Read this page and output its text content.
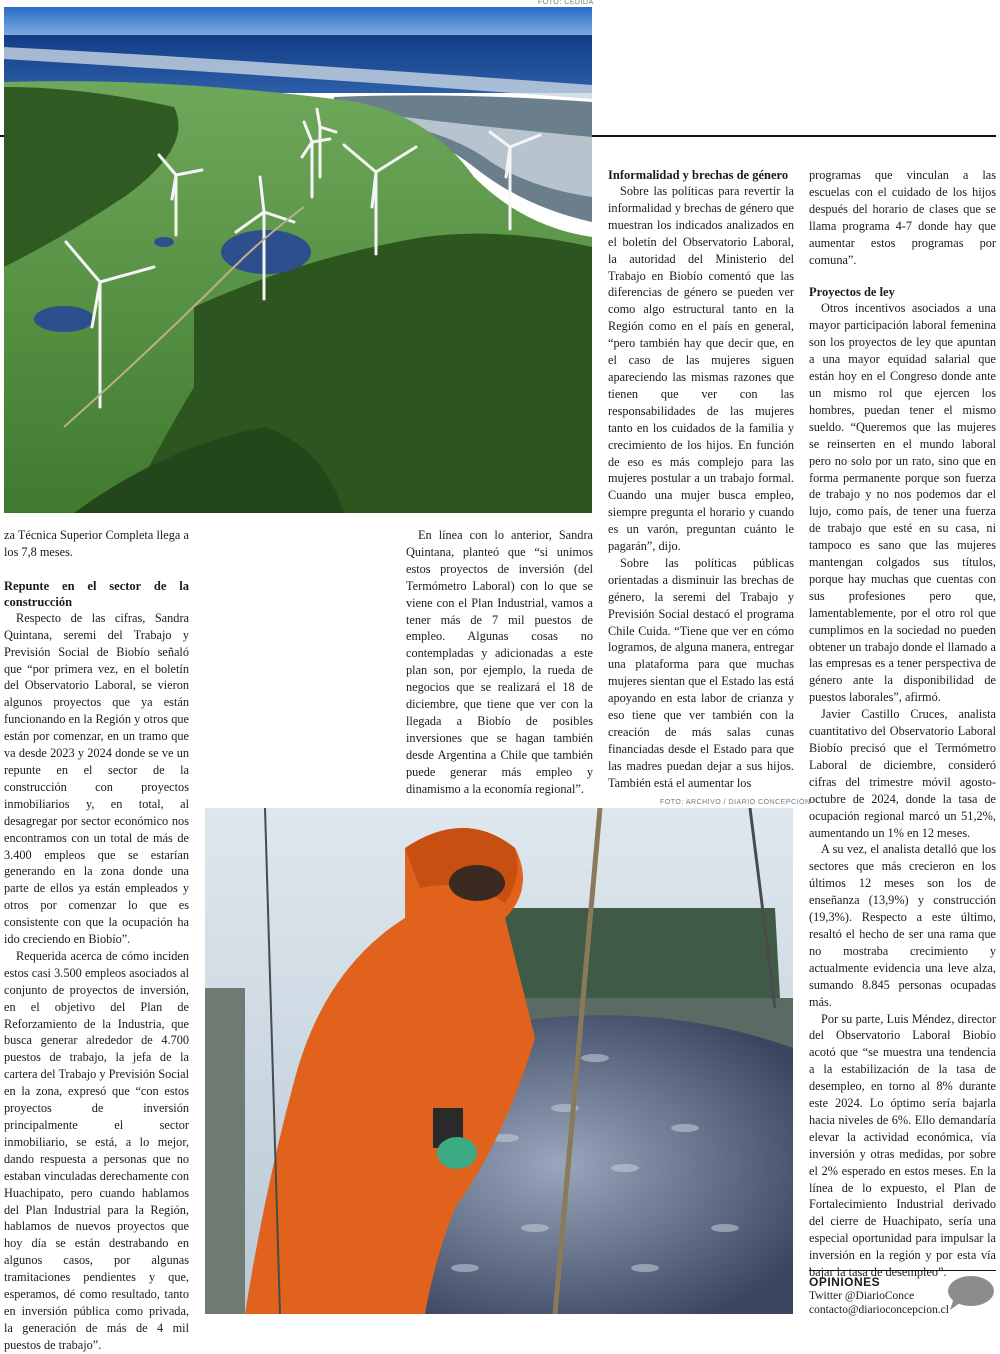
FOTO: CEDIDA

za Técnica Superior Completa llega a los 7,8 meses.

Repunte en el sector de la construcción

Respecto de las cifras, Sandra Quintana, seremi del Trabajo y Previsión Social de Biobío señaló que “por primera vez, en el boletín del Observatorio Laboral, se vieron algunos proyectos que ya están funcionando en la Región y otros que están por comenzar, en un tramo que va desde 2023 y 2024 donde se ve un repunte en el sector de la construcción con proyectos inmobiliarios y, en total, al desagregar por sector económico nos encontramos con un total de más de 3.400 empleos que se estarían generando en la zona donde una parte de ellos ya están empleados y otros por comenzar lo que es consistente con que la ocupación ha ido creciendo en Biobío”.

Requerida acerca de cómo inciden estos casi 3.500 empleos asociados al conjunto de proyectos de inversión, en el objetivo del Plan de Reforzamiento de la Industria, que busca generar alrededor de 4.700 puestos de trabajo, la jefa de la cartera del Trabajo y Previsión Social en la zona, expresó que “con estos proyectos de inversión principalmente el sector inmobiliario, se está, a lo mejor, dando respuesta a personas que no estaban vinculadas derechamente con Huachipato, pero cuando hablamos del Plan Industrial para la Región, hablamos de nuevos proyectos que hoy día se están destrabando en algunos casos, por algunas tramitaciones pendientes y que, esperamos, dé como resultado, tanto en inversión pública como privada, la generación de más de 4 mil puestos de trabajo”.

En línea con lo anterior, Sandra Quintana, planteó que “si unimos estos proyectos de inversión (del Termómetro Laboral) con lo que se viene con el Plan Industrial, vamos a tener más de 7 mil puestos de empleo. Algunas cosas no contempladas y adicionadas a este plan son, por ejemplo, la rueda de negocios que se realizará el 18 de diciembre, que tiene que ver con la llegada a Biobío de posibles inversiones que se hagan también desde Argentina a Chile que también puede generar más empleo y dinamismo a la economía regional”.

Informalidad y brechas de género

Sobre las políticas para revertir la informalidad y brechas de género que muestran los indicados analizados en el boletín del Observatorio Laboral, la autoridad del Ministerio del Trabajo en Biobío comentó que las diferencias de género se pueden ver como algo estructural tanto en la Región como en el país en general, “pero también hay que decir que, en el caso de las mujeres siguen apareciendo las mismas razones que tienen que ver con las responsabilidades de las mujeres tanto en los cuidados de la familia y crecimiento de los hijos. En función de eso es más complejo para las mujeres postular a un trabajo formal. Cuando una mujer busca empleo, siempre pregunta el horario y cuando es un varón, preguntan cuánto le pagarán”, dijo.

Sobre las políticas públicas orientadas a disminuir las brechas de género, la seremi del Trabajo y Previsión Social destacó el programa Chile Cuida. “Tiene que ver en cómo logramos, de alguna manera, entregar una plataforma para que muchas mujeres sientan que el Estado las está apoyando en esta labor de crianza y eso tiene que ver también con la creación de más salas cunas financiadas desde el Estado para que las madres puedan dejar a sus hijos. También está el aumentar los

programas que vinculan a las escuelas con el cuidado de los hijos después del horario de clases que se llama programa 4-7 donde hay que aumentar estos programas por comuna”.

Proyectos de ley

Otros incentivos asociados a una mayor participación laboral femenina son los proyectos de ley que apuntan a una mayor equidad salarial que están hoy en el Congreso donde ante un mismo rol que ejercen los hombres, puedan tener el mismo sueldo. “Queremos que las mujeres se reinserten en el mundo laboral pero no solo por un rato, sino que en forma permanente porque son fuerza de trabajo y no nos podemos dar el lujo, como país, de tener una fuerza de trabajo que esté en su casa, ni tampoco es sano que las mujeres mantengan colgados sus títulos, porque hay muchas que cuentas con sus profesiones pero que, lamentablemente, por el otro rol que cumplimos en la sociedad no pueden obtener un trabajo donde el llamado a las empresas es a tener perspectiva de género ante la disponibilidad de puestos laborales”, afirmó.

Javier Castillo Cruces, analista cuantitativo del Observatorio Laboral Biobío precisó que el Termómetro Laboral de diciembre, consideró cifras del trimestre móvil agosto-octubre de 2024, donde la tasa de ocupación regional marcó un 51,2%, aumentando un 1% en 12 meses.

A su vez, el analista detalló que los sectores que más crecieron en los últimos 12 meses son los de enseñanza (13,9%) y construcción (19,3%). Respecto a este último, resaltó el hecho de ser una rama que no mostraba crecimiento y actualmente evidencia una leve alza, sumando 8.845 personas ocupadas más.

Por su parte, Luis Méndez, director del Observatorio Laboral Biobío acotó que “se muestra una tendencia a la estabilización de la tasa de desempleo, en torno al 8% durante este 2024. Lo óptimo sería bajarla hacia niveles de 6%. Ello demandaría elevar la actividad económica, vía inversión y otras medidas, por sobre el 2% esperado en estos meses. En la línea de lo expuesto, el Plan de Fortalecimiento Industrial derivado del cierre de Huachipato, sería una especial oportunidad para impulsar la inversión en la región y por esta vía bajar la tasa de desempleo”.

FOTO: ARCHIVO / DIARIO CONCEPCIÓN
OPINIONES
Twitter @DiarioConce
contacto@diarioconcepcion.cl
